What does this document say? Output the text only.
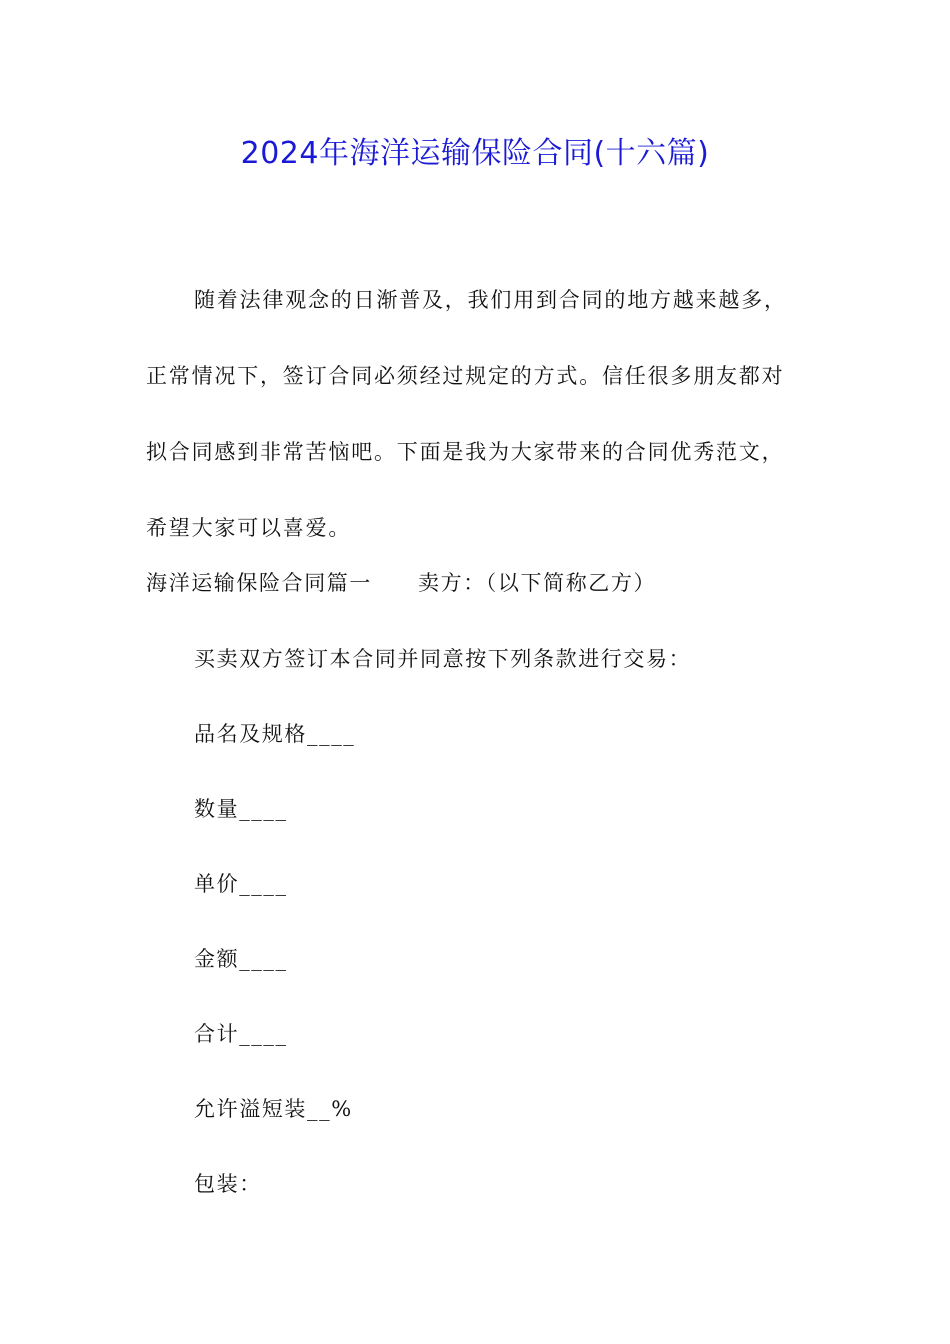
2024年海洋运输保险合同(十六篇)

随着法律观念的日渐普及，我们用到合同的地方越来越多，正常情况下，签订合同必须经过规定的方式。信任很多朋友都对拟合同感到非常苦恼吧。下面是我为大家带来的合同优秀范文，希望大家可以喜爱。

海洋运输保险合同篇一 卖方：（以下简称乙方）
买卖双方签订本合同并同意按下列条款进行交易：
品名及规格____
数量____
单价____
金额____
合计____
允许溢短装__%
包装：
